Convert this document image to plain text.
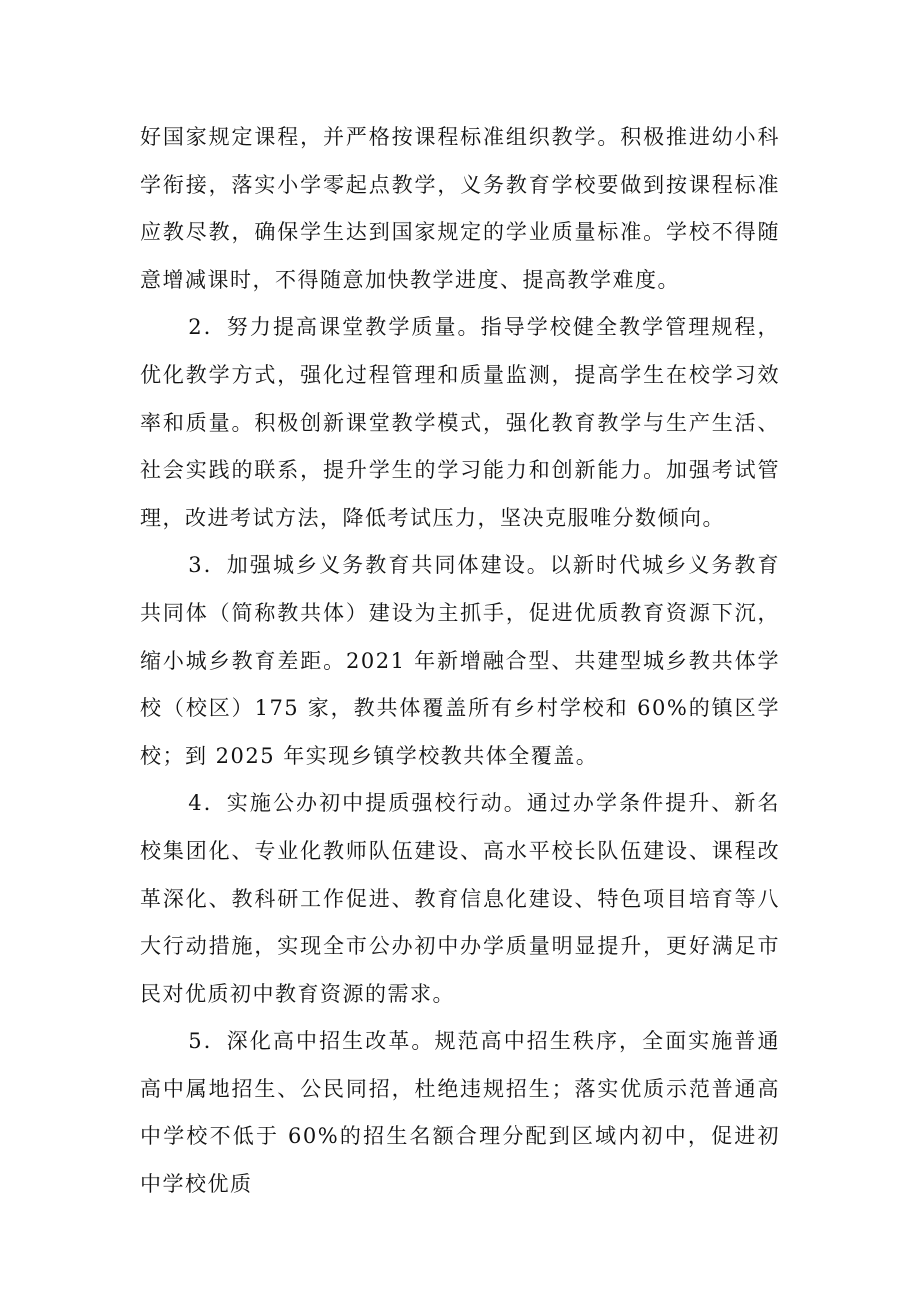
好国家规定课程，并严格按课程标准组织教学。积极推进幼小科学衔接，落实小学零起点教学，义务教育学校要做到按课程标准应教尽教，确保学生达到国家规定的学业质量标准。学校不得随意增减课时，不得随意加快教学进度、提高教学难度。

2．努力提高课堂教学质量。指导学校健全教学管理规程，优化教学方式，强化过程管理和质量监测，提高学生在校学习效率和质量。积极创新课堂教学模式，强化教育教学与生产生活、社会实践的联系，提升学生的学习能力和创新能力。加强考试管理，改进考试方法，降低考试压力，坚决克服唯分数倾向。

3．加强城乡义务教育共同体建设。以新时代城乡义务教育共同体（简称教共体）建设为主抓手，促进优质教育资源下沉，缩小城乡教育差距。2021 年新增融合型、共建型城乡教共体学校（校区）175 家，教共体覆盖所有乡村学校和 60%的镇区学校；到 2025 年实现乡镇学校教共体全覆盖。

4．实施公办初中提质强校行动。通过办学条件提升、新名校集团化、专业化教师队伍建设、高水平校长队伍建设、课程改革深化、教科研工作促进、教育信息化建设、特色项目培育等八大行动措施，实现全市公办初中办学质量明显提升，更好满足市民对优质初中教育资源的需求。

5．深化高中招生改革。规范高中招生秩序，全面实施普通高中属地招生、公民同招，杜绝违规招生；落实优质示范普通高中学校不低于 60%的招生名额合理分配到区域内初中，促进初中学校优质
